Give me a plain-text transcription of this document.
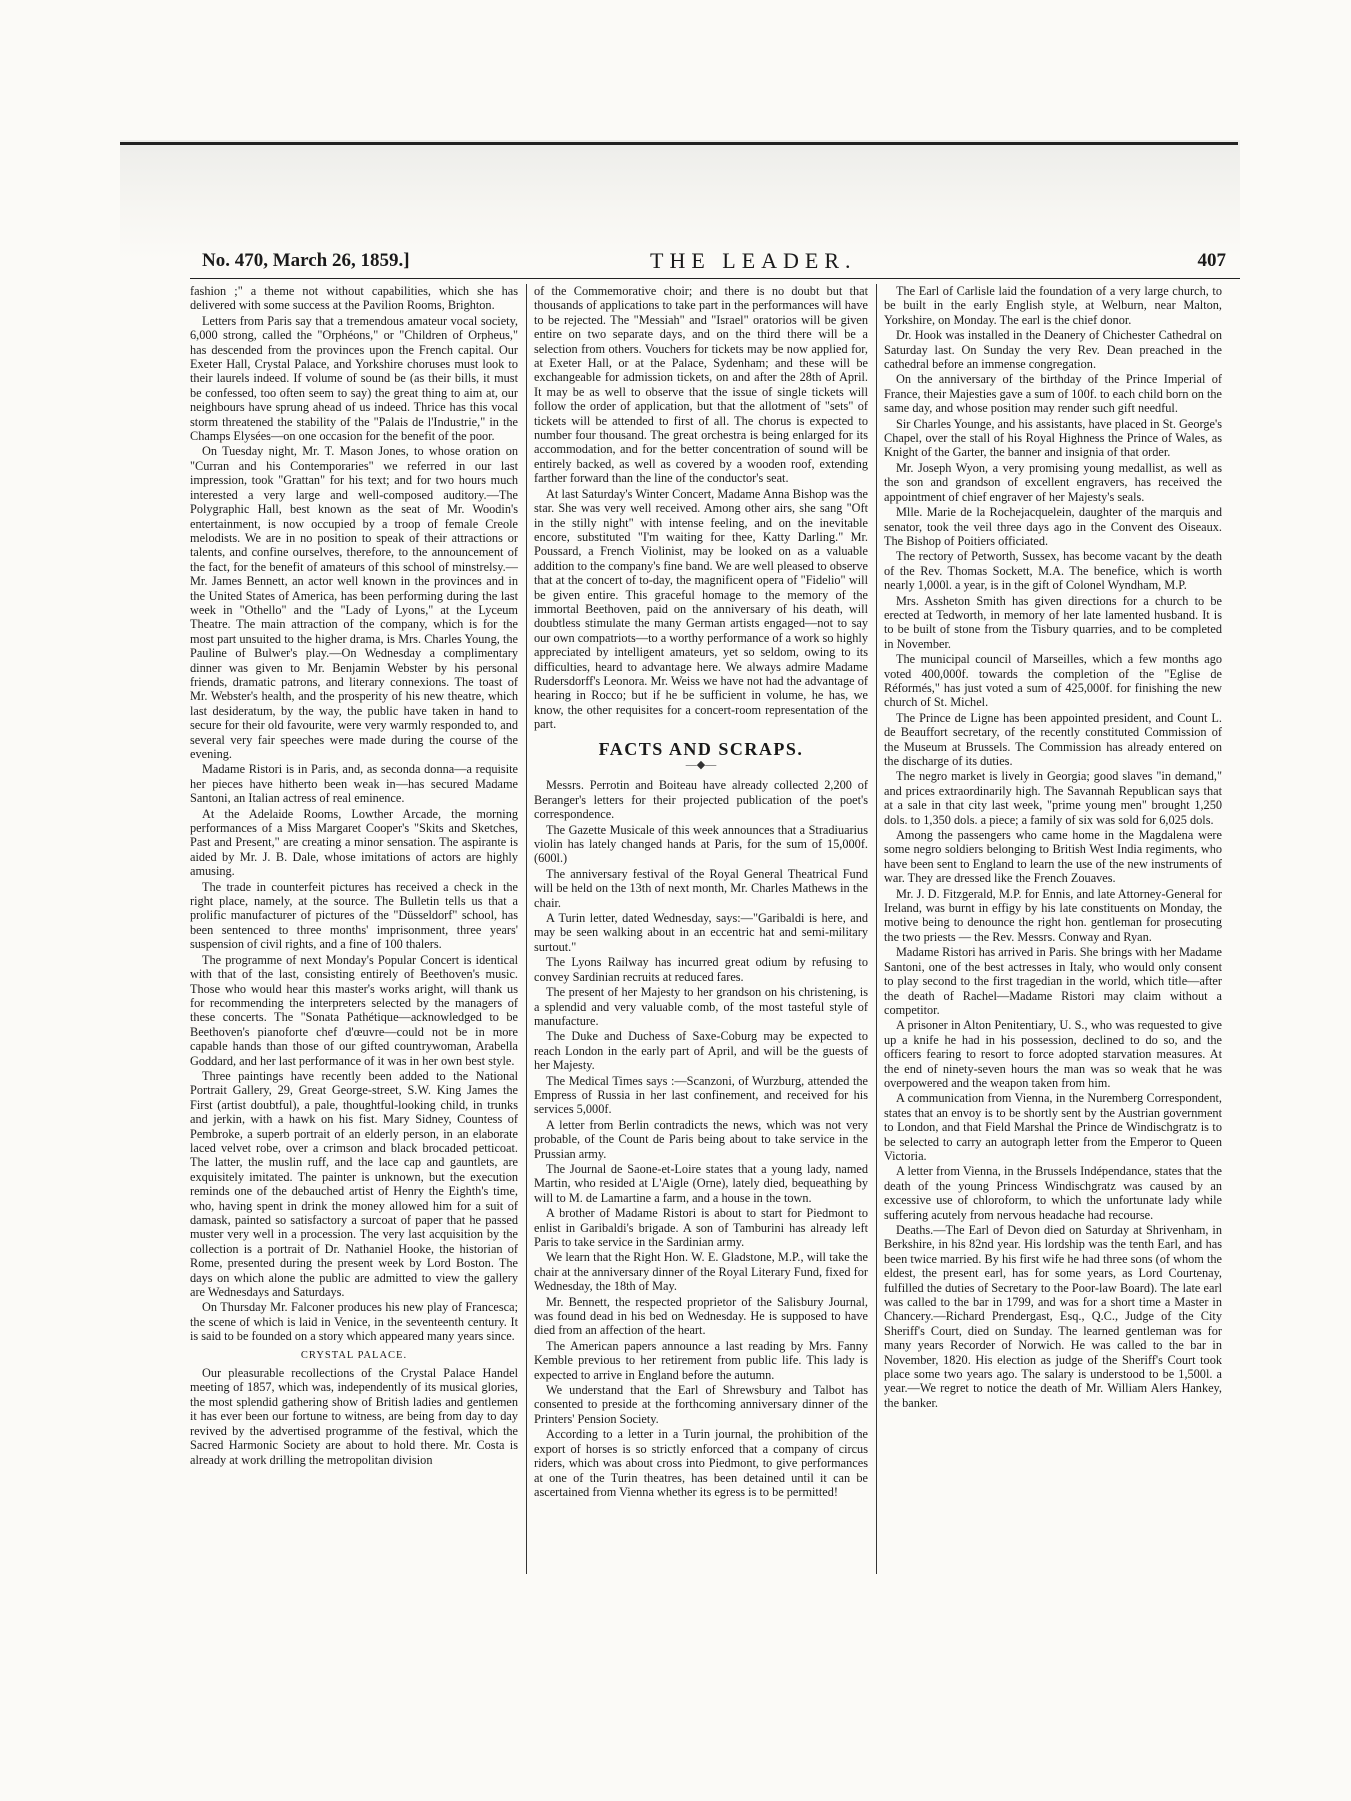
No. 470, March 26, 1859.]	THE LEADER.	407

fashion ;" a theme not without capabilities, which she has delivered with some success at the Pavilion Rooms, Brighton.

Letters from Paris say that a tremendous amateur vocal society, 6,000 strong, called the "Orphéons," or "Children of Orpheus," has descended from the provinces upon the French capital. Our Exeter Hall, Crystal Palace, and Yorkshire choruses must look to their laurels indeed. If volume of sound be (as their bills, it must be confessed, too often seem to say) the great thing to aim at, our neighbours have sprung ahead of us indeed. Thrice has this vocal storm threatened the stability of the "Palais de l'Industrie," in the Champs Elysées—on one occasion for the benefit of the poor.

On Tuesday night, Mr. T. Mason Jones, to whose oration on "Curran and his Contemporaries" we referred in our last impression, took "Grattan" for his text; and for two hours much interested a very large and well-composed auditory.—The Polygraphic Hall, best known as the seat of Mr. Woodin's entertainment, is now occupied by a troop of female Creole melodists. We are in no position to speak of their attractions or talents, and confine ourselves, therefore, to the announcement of the fact, for the benefit of amateurs of this school of minstrelsy.—Mr. James Bennett, an actor well known in the provinces and in the United States of America, has been performing during the last week in "Othello" and the "Lady of Lyons," at the Lyceum Theatre. The main attraction of the company, which is for the most part unsuited to the higher drama, is Mrs. Charles Young, the Pauline of Bulwer's play.—On Wednesday a complimentary dinner was given to Mr. Benjamin Webster by his personal friends, dramatic patrons, and literary connexions. The toast of Mr. Webster's health, and the prosperity of his new theatre, which last desideratum, by the way, the public have taken in hand to secure for their old favourite, were very warmly responded to, and several very fair speeches were made during the course of the evening.

Madame Ristori is in Paris, and, as seconda donna—a requisite her pieces have hitherto been weak in—has secured Madame Santoni, an Italian actress of real eminence.

At the Adelaide Rooms, Lowther Arcade, the morning performances of a Miss Margaret Cooper's "Skits and Sketches, Past and Present," are creating a minor sensation. The aspirante is aided by Mr. J. B. Dale, whose imitations of actors are highly amusing.

The trade in counterfeit pictures has received a check in the right place, namely, at the source. The Bulletin tells us that a prolific manufacturer of pictures of the "Düsseldorf" school, has been sentenced to three months' imprisonment, three years' suspension of civil rights, and a fine of 100 thalers.

The programme of next Monday's Popular Concert is identical with that of the last, consisting entirely of Beethoven's music. Those who would hear this master's works aright, will thank us for recommending the interpreters selected by the managers of these concerts. The "Sonata Pathétique—acknowledged to be Beethoven's pianoforte chef d'œuvre—could not be in more capable hands than those of our gifted countrywoman, Arabella Goddard, and her last performance of it was in her own best style.

Three paintings have recently been added to the National Portrait Gallery, 29, Great George-street, S.W. King James the First (artist doubtful), a pale, thoughtful-looking child, in trunks and jerkin, with a hawk on his fist. Mary Sidney, Countess of Pembroke, a superb portrait of an elderly person, in an elaborate laced velvet robe, over a crimson and black brocaded petticoat. The latter, the muslin ruff, and the lace cap and gauntlets, are exquisitely imitated. The painter is unknown, but the execution reminds one of the debauched artist of Henry the Eighth's time, who, having spent in drink the money allowed him for a suit of damask, painted so satisfactory a surcoat of paper that he passed muster very well in a procession. The very last acquisition by the collection is a portrait of Dr. Nathaniel Hooke, the historian of Rome, presented during the present week by Lord Boston. The days on which alone the public are admitted to view the gallery are Wednesdays and Saturdays.

On Thursday Mr. Falconer produces his new play of Francesca; the scene of which is laid in Venice, in the seventeenth century. It is said to be founded on a story which appeared many years since.

CRYSTAL PALACE.

Our pleasurable recollections of the Crystal Palace Handel meeting of 1857, which was, independently of its musical glories, the most splendid gathering show of British ladies and gentlemen it has ever been our fortune to witness, are being from day to day revived by the advertised programme of the festival, which the Sacred Harmonic Society are about to hold there. Mr. Costa is already at work drilling the metropolitan division

of the Commemorative choir; and there is no doubt but that thousands of applications to take part in the performances will have to be rejected. The "Messiah" and "Israel" oratorios will be given entire on two separate days, and on the third there will be a selection from others. Vouchers for tickets may be now applied for, at Exeter Hall, or at the Palace, Sydenham; and these will be exchangeable for admission tickets, on and after the 28th of April. It may be as well to observe that the issue of single tickets will follow the order of application, but that the allotment of "sets" of tickets will be attended to first of all. The chorus is expected to number four thousand. The great orchestra is being enlarged for its accommodation, and for the better concentration of sound will be entirely backed, as well as covered by a wooden roof, extending farther forward than the line of the conductor's seat.

At last Saturday's Winter Concert, Madame Anna Bishop was the star. She was very well received. Among other airs, she sang "Oft in the stilly night" with intense feeling, and on the inevitable encore, substituted "I'm waiting for thee, Katty Darling." Mr. Poussard, a French Violinist, may be looked on as a valuable addition to the company's fine band. We are well pleased to observe that at the concert of to-day, the magnificent opera of "Fidelio" will be given entire. This graceful homage to the memory of the immortal Beethoven, paid on the anniversary of his death, will doubtless stimulate the many German artists engaged—not to say our own compatriots—to a worthy performance of a work so highly appreciated by intelligent amateurs, yet so seldom, owing to its difficulties, heard to advantage here. We always admire Madame Rudersdorff's Leonora. Mr. Weiss we have not had the advantage of hearing in Rocco; but if he be sufficient in volume, he has, we know, the other requisites for a concert-room representation of the part.

FACTS AND SCRAPS.
—◆—

Messrs. Perrotin and Boiteau have already collected 2,200 of Beranger's letters for their projected publication of the poet's correspondence.

The Gazette Musicale of this week announces that a Stradiuarius violin has lately changed hands at Paris, for the sum of 15,000f. (600l.)

The anniversary festival of the Royal General Theatrical Fund will be held on the 13th of next month, Mr. Charles Mathews in the chair.

A Turin letter, dated Wednesday, says:—"Garibaldi is here, and may be seen walking about in an eccentric hat and semi-military surtout."

The Lyons Railway has incurred great odium by refusing to convey Sardinian recruits at reduced fares.

The present of her Majesty to her grandson on his christening, is a splendid and very valuable comb, of the most tasteful style of manufacture.

The Duke and Duchess of Saxe-Coburg may be expected to reach London in the early part of April, and will be the guests of her Majesty.

The Medical Times says :—Scanzoni, of Wurzburg, attended the Empress of Russia in her last confinement, and received for his services 5,000f.

A letter from Berlin contradicts the news, which was not very probable, of the Count de Paris being about to take service in the Prussian army.

The Journal de Saone-et-Loire states that a young lady, named Martin, who resided at L'Aigle (Orne), lately died, bequeathing by will to M. de Lamartine a farm, and a house in the town.

A brother of Madame Ristori is about to start for Piedmont to enlist in Garibaldi's brigade. A son of Tamburini has already left Paris to take service in the Sardinian army.

We learn that the Right Hon. W. E. Gladstone, M.P., will take the chair at the anniversary dinner of the Royal Literary Fund, fixed for Wednesday, the 18th of May.

Mr. Bennett, the respected proprietor of the Salisbury Journal, was found dead in his bed on Wednesday. He is supposed to have died from an affection of the heart.

The American papers announce a last reading by Mrs. Fanny Kemble previous to her retirement from public life. This lady is expected to arrive in England before the autumn.

We understand that the Earl of Shrewsbury and Talbot has consented to preside at the forthcoming anniversary dinner of the Printers' Pension Society.

According to a letter in a Turin journal, the prohibition of the export of horses is so strictly enforced that a company of circus riders, which was about cross into Piedmont, to give performances at one of the Turin theatres, has been detained until it can be ascertained from Vienna whether its egress is to be permitted!

The Earl of Carlisle laid the foundation of a very large church, to be built in the early English style, at Welburn, near Malton, Yorkshire, on Monday. The earl is the chief donor.

Dr. Hook was installed in the Deanery of Chichester Cathedral on Saturday last. On Sunday the very Rev. Dean preached in the cathedral before an immense congregation.

On the anniversary of the birthday of the Prince Imperial of France, their Majesties gave a sum of 100f. to each child born on the same day, and whose position may render such gift needful.

Sir Charles Younge, and his assistants, have placed in St. George's Chapel, over the stall of his Royal Highness the Prince of Wales, as Knight of the Garter, the banner and insignia of that order.

Mr. Joseph Wyon, a very promising young medallist, as well as the son and grandson of excellent engravers, has received the appointment of chief engraver of her Majesty's seals.

Mlle. Marie de la Rochejacquelein, daughter of the marquis and senator, took the veil three days ago in the Convent des Oiseaux. The Bishop of Poitiers officiated.

The rectory of Petworth, Sussex, has become vacant by the death of the Rev. Thomas Sockett, M.A. The benefice, which is worth nearly 1,000l. a year, is in the gift of Colonel Wyndham, M.P.

Mrs. Assheton Smith has given directions for a church to be erected at Tedworth, in memory of her late lamented husband. It is to be built of stone from the Tisbury quarries, and to be completed in November.

The municipal council of Marseilles, which a few months ago voted 400,000f. towards the completion of the "Eglise de Réformés," has just voted a sum of 425,000f. for finishing the new church of St. Michel.

The Prince de Ligne has been appointed president, and Count L. de Beauffort secretary, of the recently constituted Commission of the Museum at Brussels. The Commission has already entered on the discharge of its duties.

The negro market is lively in Georgia; good slaves "in demand," and prices extraordinarily high. The Savannah Republican says that at a sale in that city last week, "prime young men" brought 1,250 dols. to 1,350 dols. a piece; a family of six was sold for 6,025 dols.

Among the passengers who came home in the Magdalena were some negro soldiers belonging to British West India regiments, who have been sent to England to learn the use of the new instruments of war. They are dressed like the French Zouaves.

Mr. J. D. Fitzgerald, M.P. for Ennis, and late Attorney-General for Ireland, was burnt in effigy by his late constituents on Monday, the motive being to denounce the right hon. gentleman for prosecuting the two priests — the Rev. Messrs. Conway and Ryan.

Madame Ristori has arrived in Paris. She brings with her Madame Santoni, one of the best actresses in Italy, who would only consent to play second to the first tragedian in the world, which title—after the death of Rachel—Madame Ristori may claim without a competitor.

A prisoner in Alton Penitentiary, U. S., who was requested to give up a knife he had in his possession, declined to do so, and the officers fearing to resort to force adopted starvation measures. At the end of ninety-seven hours the man was so weak that he was overpowered and the weapon taken from him.

A communication from Vienna, in the Nuremberg Correspondent, states that an envoy is to be shortly sent by the Austrian government to London, and that Field Marshal the Prince de Windischgratz is to be selected to carry an autograph letter from the Emperor to Queen Victoria.

A letter from Vienna, in the Brussels Indépendance, states that the death of the young Princess Windischgratz was caused by an excessive use of chloroform, to which the unfortunate lady while suffering acutely from nervous headache had recourse.

Deaths.—The Earl of Devon died on Saturday at Shrivenham, in Berkshire, in his 82nd year. His lordship was the tenth Earl, and has been twice married. By his first wife he had three sons (of whom the eldest, the present earl, has for some years, as Lord Courtenay, fulfilled the duties of Secretary to the Poor-law Board). The late earl was called to the bar in 1799, and was for a short time a Master in Chancery.—Richard Prendergast, Esq., Q.C., Judge of the City Sheriff's Court, died on Sunday. The learned gentleman was for many years Recorder of Norwich. He was called to the bar in November, 1820. His election as judge of the Sheriff's Court took place some two years ago. The salary is understood to be 1,500l. a year.—We regret to notice the death of Mr. William Alers Hankey, the banker.
